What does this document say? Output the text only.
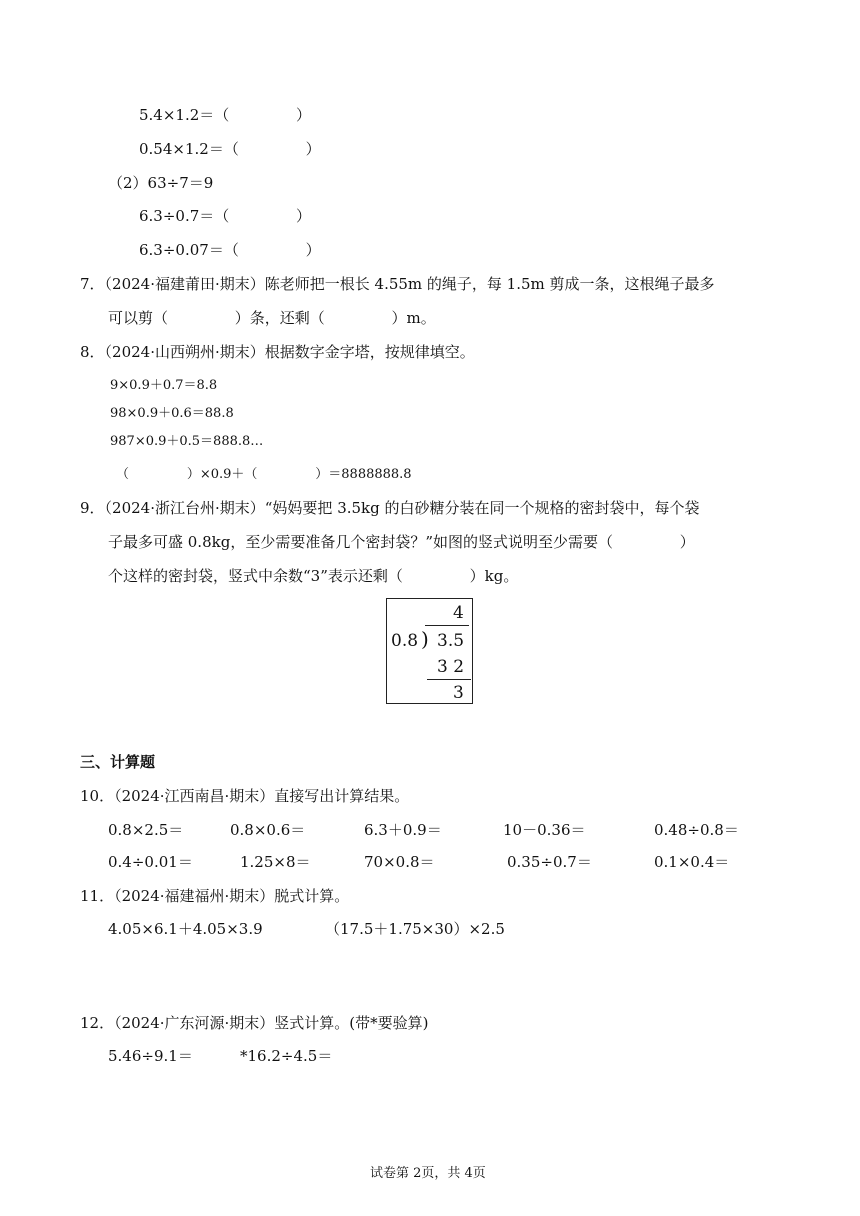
5.4×1.2＝（              ）
0.54×1.2＝（              ）
（2）63÷7＝9
6.3÷0.7＝（              ）
6.3÷0.07＝（              ）
7．（2024·福建莆田·期末）陈老师把一根长 4.55m 的绳子，每 1.5m 剪成一条，这根绳子最多
可以剪（              ）条，还剩（              ）m。
8．（2024·山西朔州·期末）根据数字金字塔，按规律填空。
9×0.9＋0.7＝8.8
98×0.9＋0.6＝88.8
987×0.9＋0.5＝888.8…
（              ）×0.9＋（              ）＝8888888.8
9．（2024·浙江台州·期末）“妈妈要把 3.5kg 的白砂糖分装在同一个规格的密封袋中，每个袋
子最多可盛 0.8kg，至少需要准备几个密封袋？”如图的竖式说明至少需要（              ）
个这样的密封袋，竖式中余数“3”表示还剩（              ）kg。
4
0.8 ) 3.5
3 2
3
三、计算题
10．（2024·江西南昌·期末）直接写出计算结果。
0.8×2.5＝	0.8×0.6＝	6.3＋0.9＝	10－0.36＝	0.48÷0.8＝
0.4÷0.01＝	1.25×8＝	70×0.8＝	0.35÷0.7＝	0.1×0.4＝
11．（2024·福建福州·期末）脱式计算。
4.05×6.1＋4.05×3.9	（17.5＋1.75×30）×2.5
12．（2024·广东河源·期末）竖式计算。(带*要验算)
5.46÷9.1＝	*16.2÷4.5＝
试卷第 2页，共 4页
